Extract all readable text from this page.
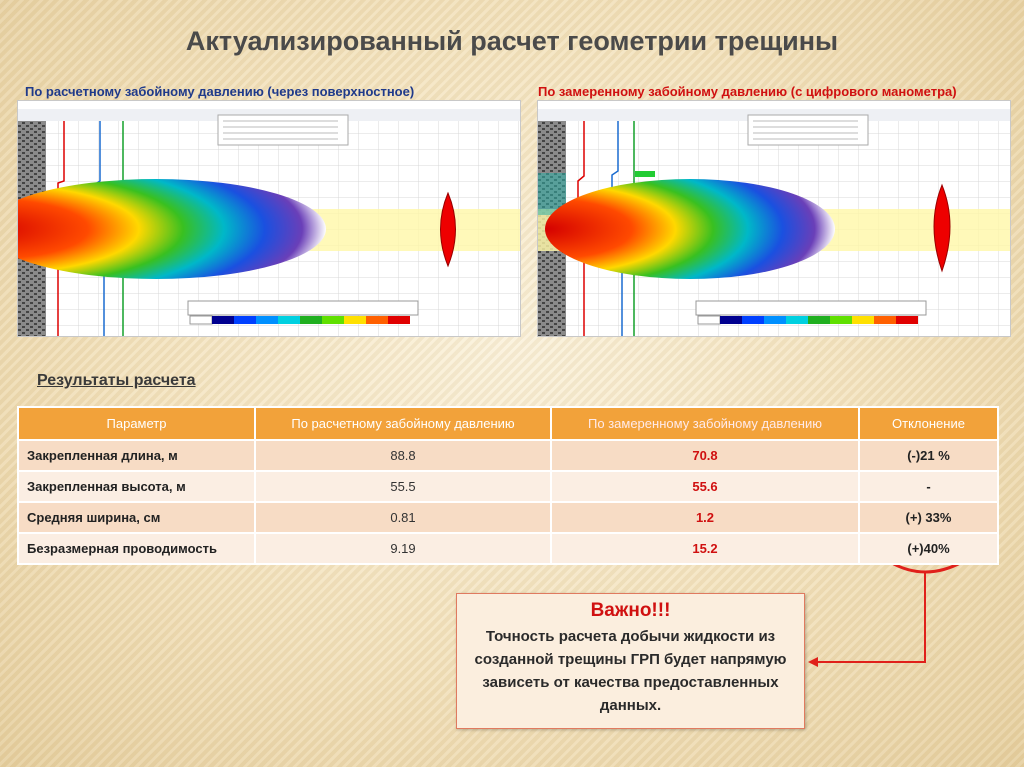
Актуализированный расчет геометрии трещины
По расчетному забойному давлению (через поверхностное)	По замеренному забойному давлению (с цифрового манометра)
Результаты расчета
Параметр	По расчетному забойному давлению	По замеренному забойному давлению	Отклонение
Закрепленная длина, м	88.8	70.8	(-)21 %
Закрепленная высота, м	55.5	55.6	-
Средняя ширина, см	0.81	1.2	(+) 33%
Безразмерная проводимость	9.19	15.2	(+)40%
Важно!!!
Точность расчета добычи жидкости из созданной трещины ГРП будет напрямую зависеть от качества предоставленных данных.
